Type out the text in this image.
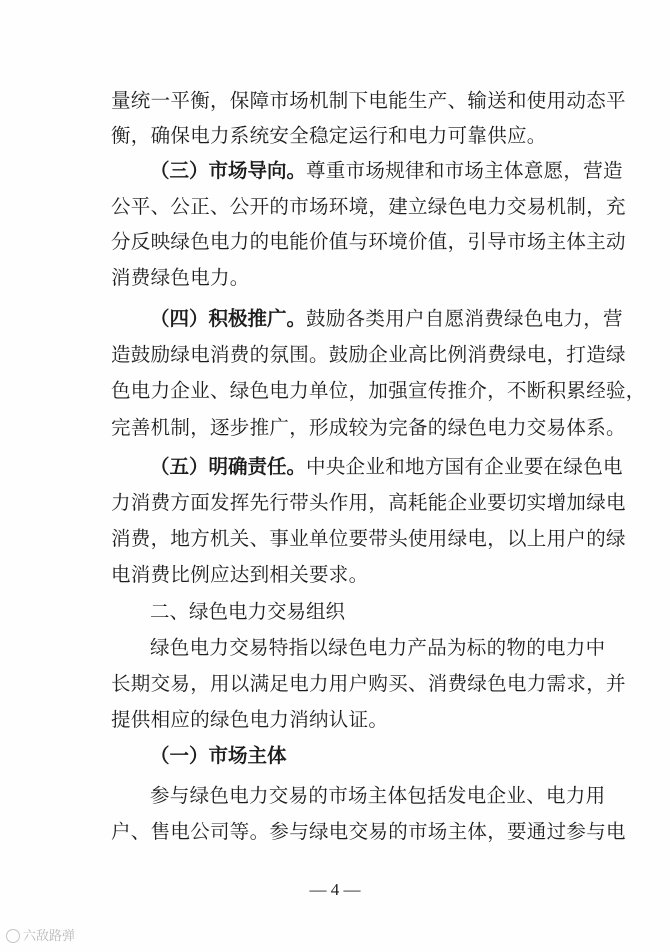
量统一平衡，保障市场机制下电能生产、输送和使用动态平
衡，确保电力系统安全稳定运行和电力可靠供应。
（三）市场导向。尊重市场规律和市场主体意愿，营造
公平、公正、公开的市场环境，建立绿色电力交易机制，充
分反映绿色电力的电能价值与环境价值，引导市场主体主动
消费绿色电力。
（四）积极推广。鼓励各类用户自愿消费绿色电力，营
造鼓励绿电消费的氛围。鼓励企业高比例消费绿电，打造绿
色电力企业、绿色电力单位，加强宣传推介，不断积累经验，
完善机制，逐步推广，形成较为完备的绿色电力交易体系。
（五）明确责任。中央企业和地方国有企业要在绿色电
力消费方面发挥先行带头作用，高耗能企业要切实增加绿电
消费，地方机关、事业单位要带头使用绿电，以上用户的绿
电消费比例应达到相关要求。
二、绿色电力交易组织
绿色电力交易特指以绿色电力产品为标的物的电力中
长期交易，用以满足电力用户购买、消费绿色电力需求，并
提供相应的绿色电力消纳认证。
（一）市场主体
参与绿色电力交易的市场主体包括发电企业、电力用
户、售电公司等。参与绿电交易的市场主体，要通过参与电
— 4 —
六敌路弹
